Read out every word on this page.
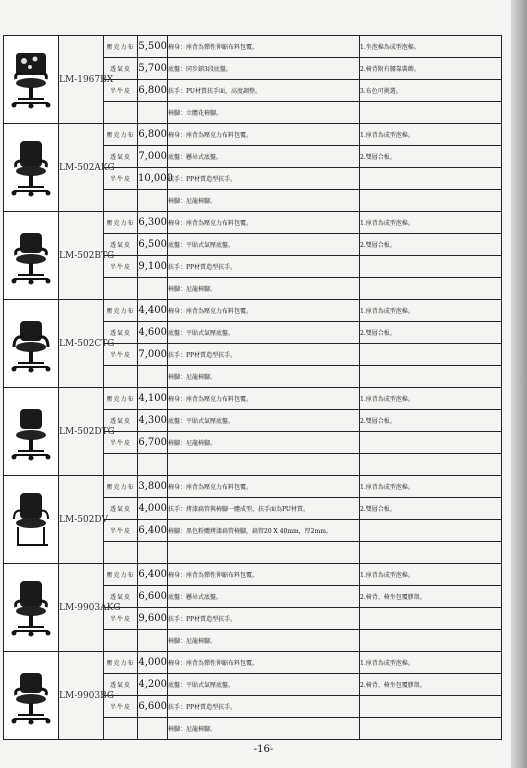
	LM-1967BX	壓克力布	5,500	椅身：座背為彈性伸縮布料包覆。	1.坐泡棉為成型泡棉。
		透氣皮	5,700	底盤：同步鎖3段底盤。	2.椅背附有腰靠裝飾。
		半牛皮	6,800	扶手：PU材質扶手面，高度調整。	3.布色可挑選。
				椅腳：立體花椅腳。	

	LM-502AKG	壓克力布	6,800	椅身：座背為壓克力布料包覆。	1.座背為成型泡棉。
		透氣皮	7,000	底盤：懸吊式底盤。	2.雙層合板。
		半牛皮	10,000	扶手：PP材質造型扶手。	
				椅腳：尼龍椅腳。	

	LM-502BTG	壓克力布	6,300	椅身：座背為壓克力布料包覆。	1.座背為成型泡棉。
		透氣皮	6,500	底盤：平貼式氣壓底盤。	2.雙層合板。
		半牛皮	9,100	扶手：PP材質造型扶手。	
				椅腳：尼龍椅腳。	

	LM-502CTG	壓克力布	4,400	椅身：座背為壓克力布料包覆。	1.座背為成型泡棉。
		透氣皮	4,600	底盤：平貼式氣壓底盤。	2.雙層合板。
		半牛皮	7,000	扶手：PP材質造型扶手。	
				椅腳：尼龍椅腳。	

	LM-502DTG	壓克力布	4,100	椅身：座背為壓克力布料包覆。	1.座背為成型泡棉。
		透氣皮	4,300	底盤：平貼式氣壓底盤。	2.雙層合板。
		半牛皮	6,700	椅腳：尼龍椅腳。	

	LM-502DV	壓克力布	3,800	椅身：座背為壓克力布料包覆。	1.座背為成型泡棉。
		透氣皮	4,000	扶手：烤漆扁管與椅腳一體成型，扶手面為PU材質。	2.雙層合板。
		半牛皮	6,400	椅腳：黑色粉體烤漆扁管椅腳，扁管20 X 40mm，厚2mm。	

	LM-9903AKG	壓克力布	6,400	椅身：座背為彈性伸縮布料包覆。	1.座背為成型泡棉。
		透氣皮	6,600	底盤：懸吊式底盤。	2.椅背、椅坐包覆膠殼。
		半牛皮	9,600	扶手：PP材質造型扶手。	
				椅腳：尼龍椅腳。	

	LM-9903BG	壓克力布	4,000	椅身：座背為彈性伸縮布料包覆。	1.座背為成型泡棉。
		透氣皮	4,200	底盤：平貼式氣壓底盤。	2.椅背、椅坐包覆膠殼。
		半牛皮	6,600	扶手：PP材質造型扶手。	
				椅腳：尼龍椅腳。	
-16-
